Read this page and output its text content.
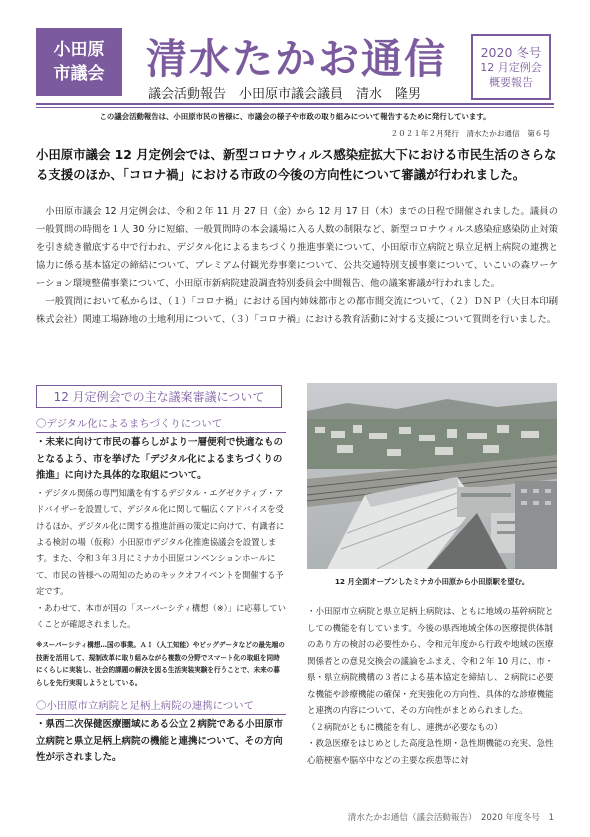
小田原
市議会 清水たかお通信
議会活動報告　小田原市議会議員　清水　隆男
2020 冬号
12 月定例会
概要報告
この議会活動報告は、小田原市民の皆様に、市議会の様子や市政の取り組みについて報告するために発行しています。
２０２１年２月発行　清水たかお通信　第６号
小田原市議会 12 月定例会では、新型コロナウィルス感染症拡大下における市民生活のさらなる支援のほか、「コロナ禍」における市政の今後の方向性について審議が行われました。

小田原市議会 12 月定例会は、令和２年 11 月 27 日（金）から 12 月 17 日（木）までの日程で開催されました。議員の一般質問の時間を１人 30 分に短縮、一般質問時の本会議場に入る人数の制限など、新型コロナウィルス感染症感染防止対策を引き続き徹底する中で行われ、デジタル化によるまちづくり推進事業について、小田原市立病院と県立足柄上病院の連携と協力に係る基本協定の締結について、プレミアム付観光券事業について、公共交通特別支援事業について、いこいの森ワーケーション環境整備事業について、小田原市新病院建設調査特別委員会中間報告、他の議案審議が行われました。

一般質問において私からは、（１）「コロナ禍」における国内姉妹都市との都市間交流について、（２）ＤＮＰ（大日本印刷株式会社）関連工場跡地の土地利用について、（３）「コロナ禍」における教育活動に対する支援について質問を行いました。

12 月定例会での主な議案審議について
〇デジタル化によるまちづくりについて
・未来に向けて市民の暮らしがより一層便利で快適なものとなるよう、市を挙げた「デジタル化によるまちづくりの推進」に向けた具体的な取組について。
・デジタル関係の専門知識を有するデジタル・エグゼクティブ・アドバイザーを設置して、デジタル化に関して幅広くアドバイスを受けるほか、デジタル化に関する推進計画の策定に向けて、有識者による検討の場（仮称）小田原市デジタル化推進協議会を設置します。また、令和３年３月にミナカ小田原コンベンションホールにて、市民の皆様への周知のためのキックオフイベントを開催する予定です。
・あわせて、本市が国の「スーパーシティ構想（※）」に応募していくことが確認されました。
※スーパーシティ構想…国の事業。ＡＩ（人工知能）やビッグデータなどの最先端の技術を活用して、規制改革に取り組みながら複数の分野でスマート化の取組を同時にくらしに実装し、社会的課題の解決を図る生活実装実験を行うことで、未来の暮らしを先行実現しようとしている。
〇小田原市立病院と足柄上病院の連携について
・県西二次保健医療圏域にある公立２病院である小田原市立病院と県立足柄上病院の機能と連携について、その方向性が示されました。
12 月全面オープンしたミナカ小田原から小田原駅を望む。
・小田原市立病院と県立足柄上病院は、ともに地域の基幹病院としての機能を有しています。今後の県西地域全体の医療提供体制のあり方の検討の必要性から、令和元年度から行政や地域の医療関係者との意見交換会の議論をふまえ、令和２年 10 月に、市・県・県立病院機構の３者による基本協定を締結し、２病院に必要な機能や診療機能の確保・充実強化の方向性、具体的な診療機能と連携の内容について、その方向性がまとめられました。
（２病院がともに機能を有し、連携が必要なもの）
・救急医療をはじめとした高度急性期・急性期機能の充実、急性心筋梗塞や脳卒中などの主要な疾患等に対
清水たかお通信（議会活動報告）　2020 年度冬号　1
